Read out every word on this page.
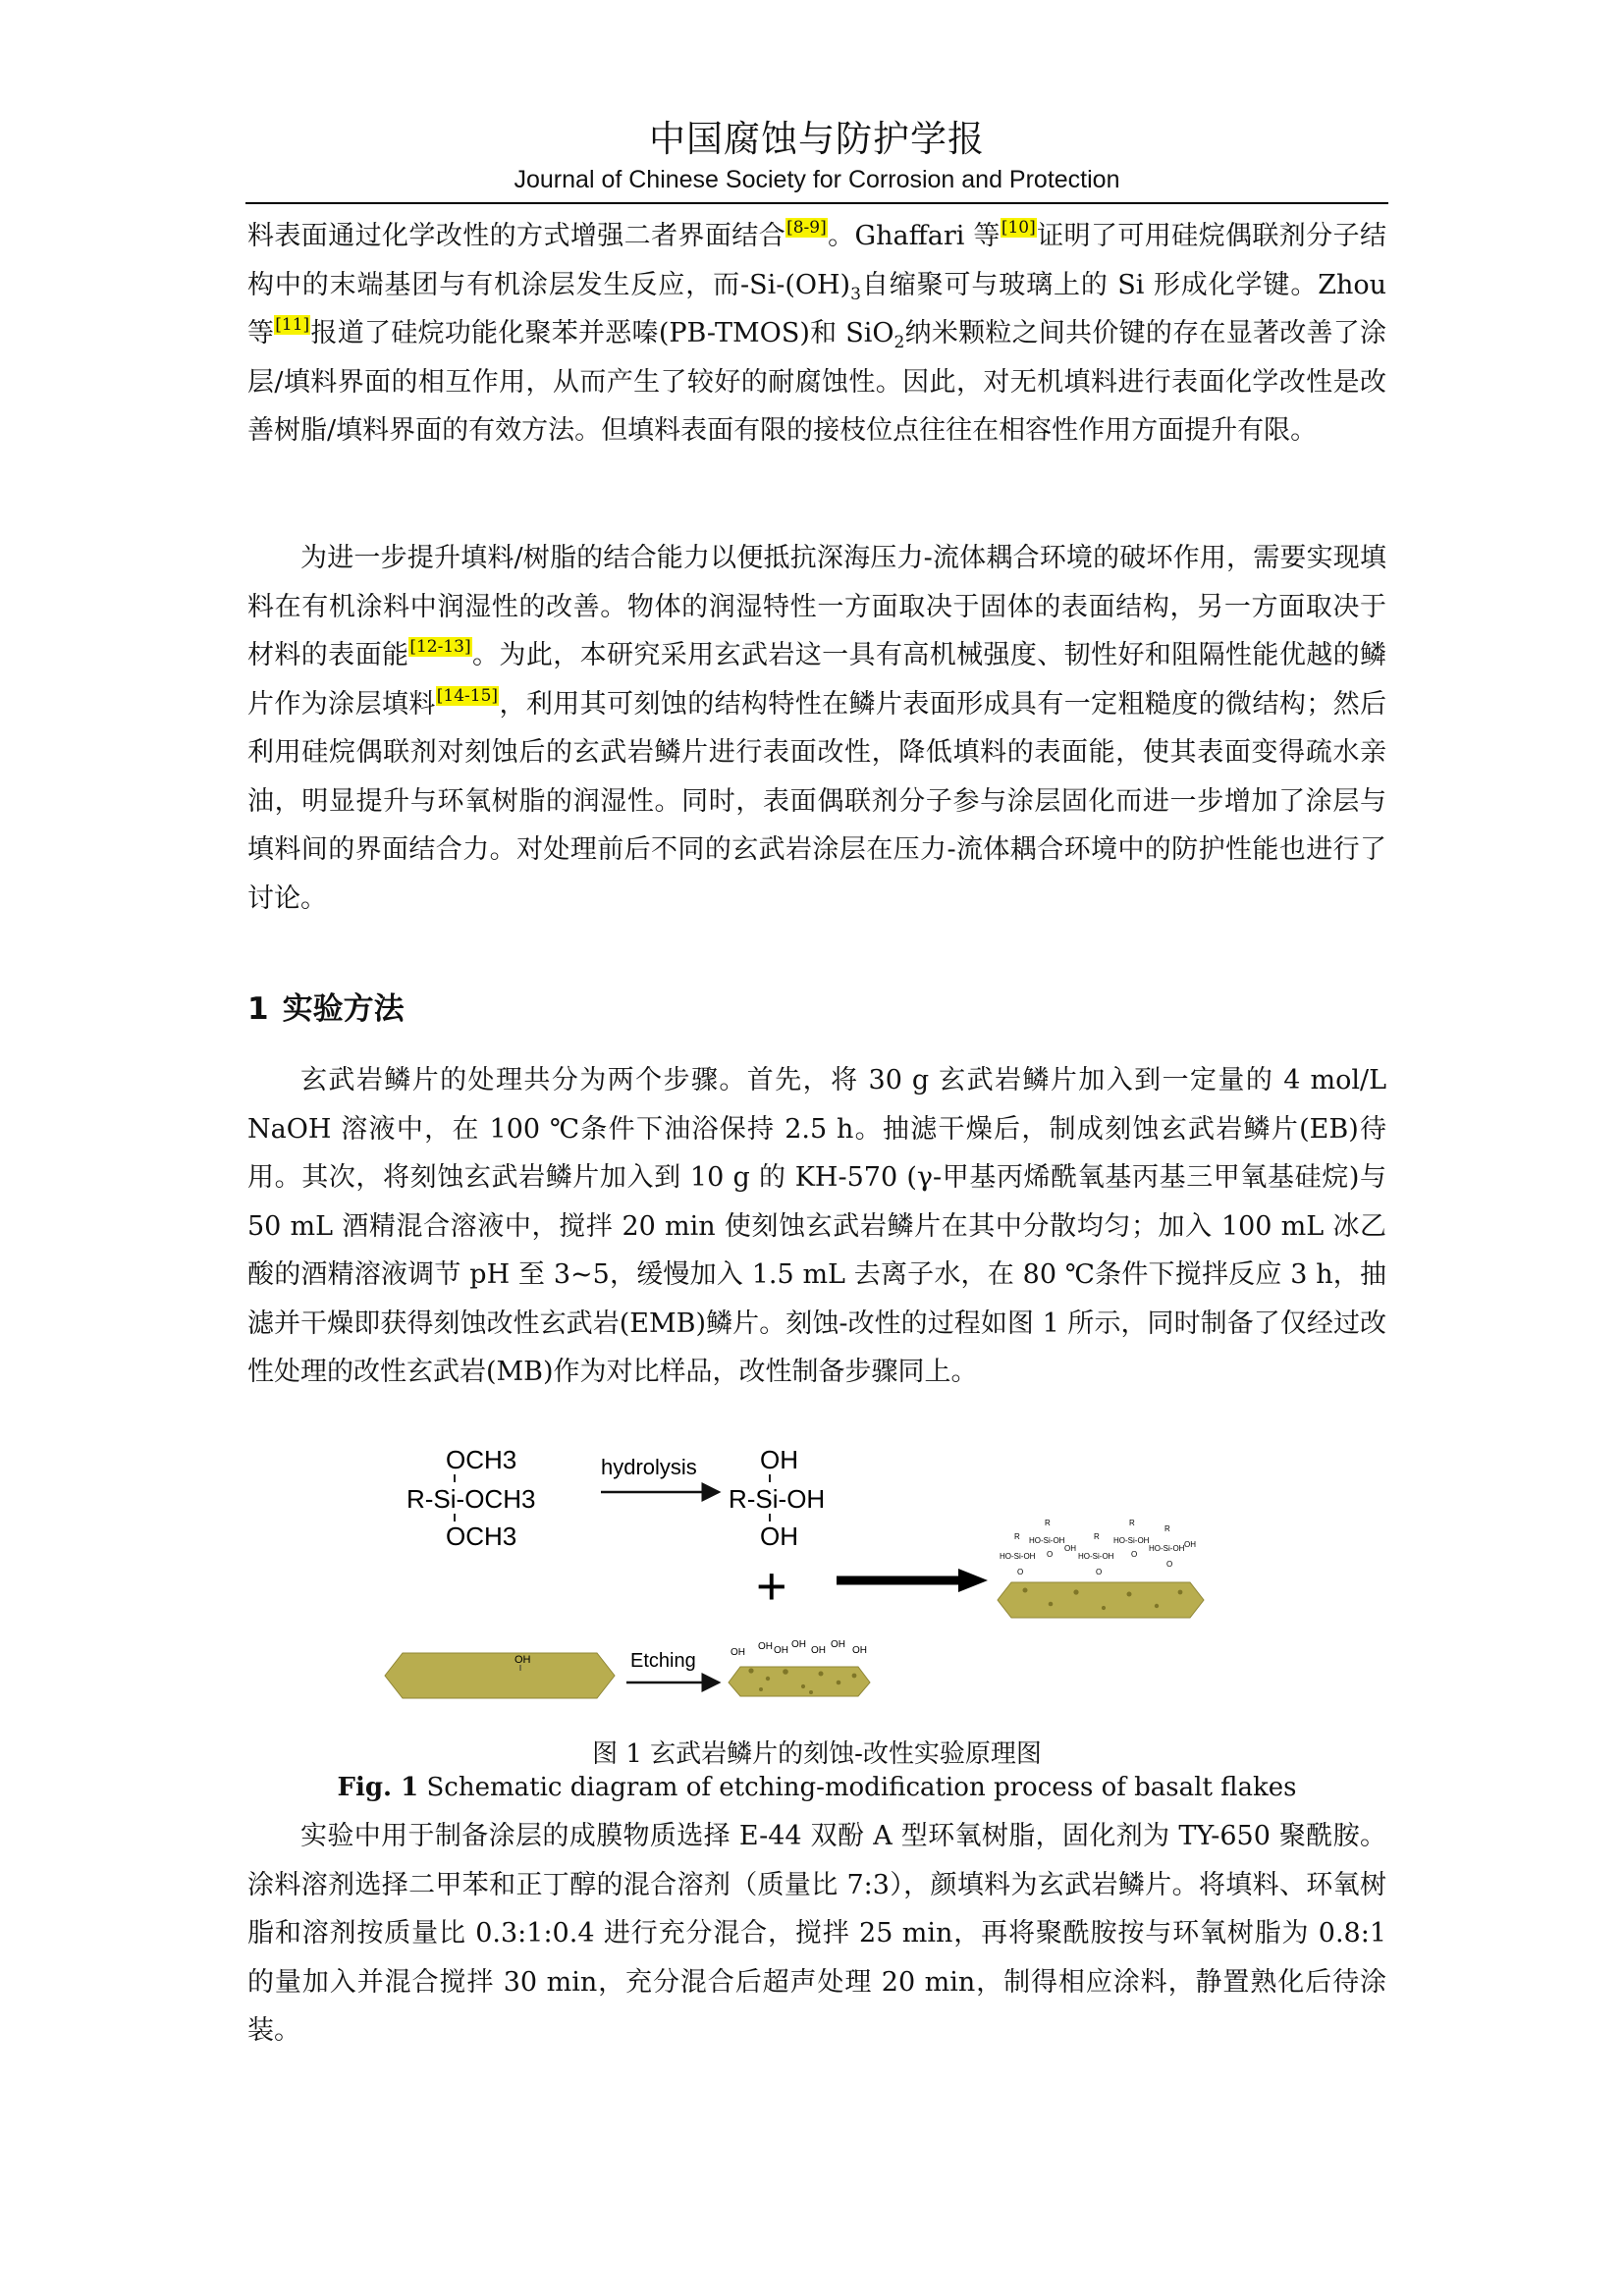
中国腐蚀与防护学报
Journal of Chinese Society for Corrosion and Protection

料表面通过化学改性的方式增强二者界面结合[8-9]。Ghaffari 等[10]证明了可用硅烷偶联剂分子结构中的末端基团与有机涂层发生反应，而$-Si-(OH)_3$自缩聚可与玻璃上的 Si 形成化学键。Zhou 等[11]报道了硅烷功能化聚苯并恶嗪(PB-TMOS)和 SiO$_2$纳米颗粒之间共价键的存在显著改善了涂层/填料界面的相互作用，从而产生了较好的耐腐蚀性。因此，对无机填料进行表面化学改性是改善树脂/填料界面的有效方法。但填料表面有限的接枝位点往往在相容性作用方面提升有限。

为进一步提升填料/树脂的结合能力以便抵抗深海压力-流体耦合环境的破坏作用，需要实现填料在有机涂料中润湿性的改善。物体的润湿特性一方面取决于固体的表面结构，另一方面取决于材料的表面能[12-13]。为此，本研究采用玄武岩这一具有高机械强度、韧性好和阻隔性能优越的鳞片作为涂层填料[14-15]，利用其可刻蚀的结构特性在鳞片表面形成具有一定粗糙度的微结构；然后利用硅烷偶联剂对刻蚀后的玄武岩鳞片进行表面改性，降低填料的表面能，使其表面变得疏水亲油，明显提升与环氧树脂的润湿性。同时，表面偶联剂分子参与涂层固化而进一步增加了涂层与填料间的界面结合力。对处理前后不同的玄武岩涂层在压力-流体耦合环境中的防护性能也进行了讨论。

1 实验方法

玄武岩鳞片的处理共分为两个步骤。首先，将 30 g 玄武岩鳞片加入到一定量的 4 mol/L NaOH 溶液中，在 100 ℃条件下油浴保持 2.5 h。抽滤干燥后，制成刻蚀玄武岩鳞片(EB)待用。其次，将刻蚀玄武岩鳞片加入到 10 g 的 KH-570 (γ-甲基丙烯酰氧基丙基三甲氧基硅烷)与 50 mL 酒精混合溶液中，搅拌 20 min 使刻蚀玄武岩鳞片在其中分散均匀；加入 100 mL 冰乙酸的酒精溶液调节 pH 至 3~5，缓慢加入 1.5 mL 去离子水，在 80 ℃条件下搅拌反应 3 h，抽滤并干燥即获得刻蚀改性玄武岩(EMB)鳞片。刻蚀-改性的过程如图 1 所示，同时制备了仅经过改性处理的改性玄武岩(MB)作为对比样品，改性制备步骤同上。

OCH3
R-Si-OCH3
OCH3
hydrolysis OH
R-Si-OH
OH
+
OH	Etching	OH
OH OH
OH
OH
OH
OH
R
HO-Si-OH
O
R
HO-Si-OH
O
OH
R
HO-Si-OH
O
R
HO-Si-OH
O
R
HO-Si-OH
O
OH
图 1 玄武岩鳞片的刻蚀-改性实验原理图
Fig. 1 Schematic diagram of etching-modification process of basalt flakes

实验中用于制备涂层的成膜物质选择 E-44 双酚 A 型环氧树脂，固化剂为 TY-650 聚酰胺。涂料溶剂选择二甲苯和正丁醇的混合溶剂（质量比 7:3），颜填料为玄武岩鳞片。将填料、环氧树脂和溶剂按质量比 0.3:1:0.4 进行充分混合，搅拌 25 min，再将聚酰胺按与环氧树脂为 0.8:1 的量加入并混合搅拌 30 min，充分混合后超声处理 20 min，制得相应涂料，静置熟化后待涂装。
